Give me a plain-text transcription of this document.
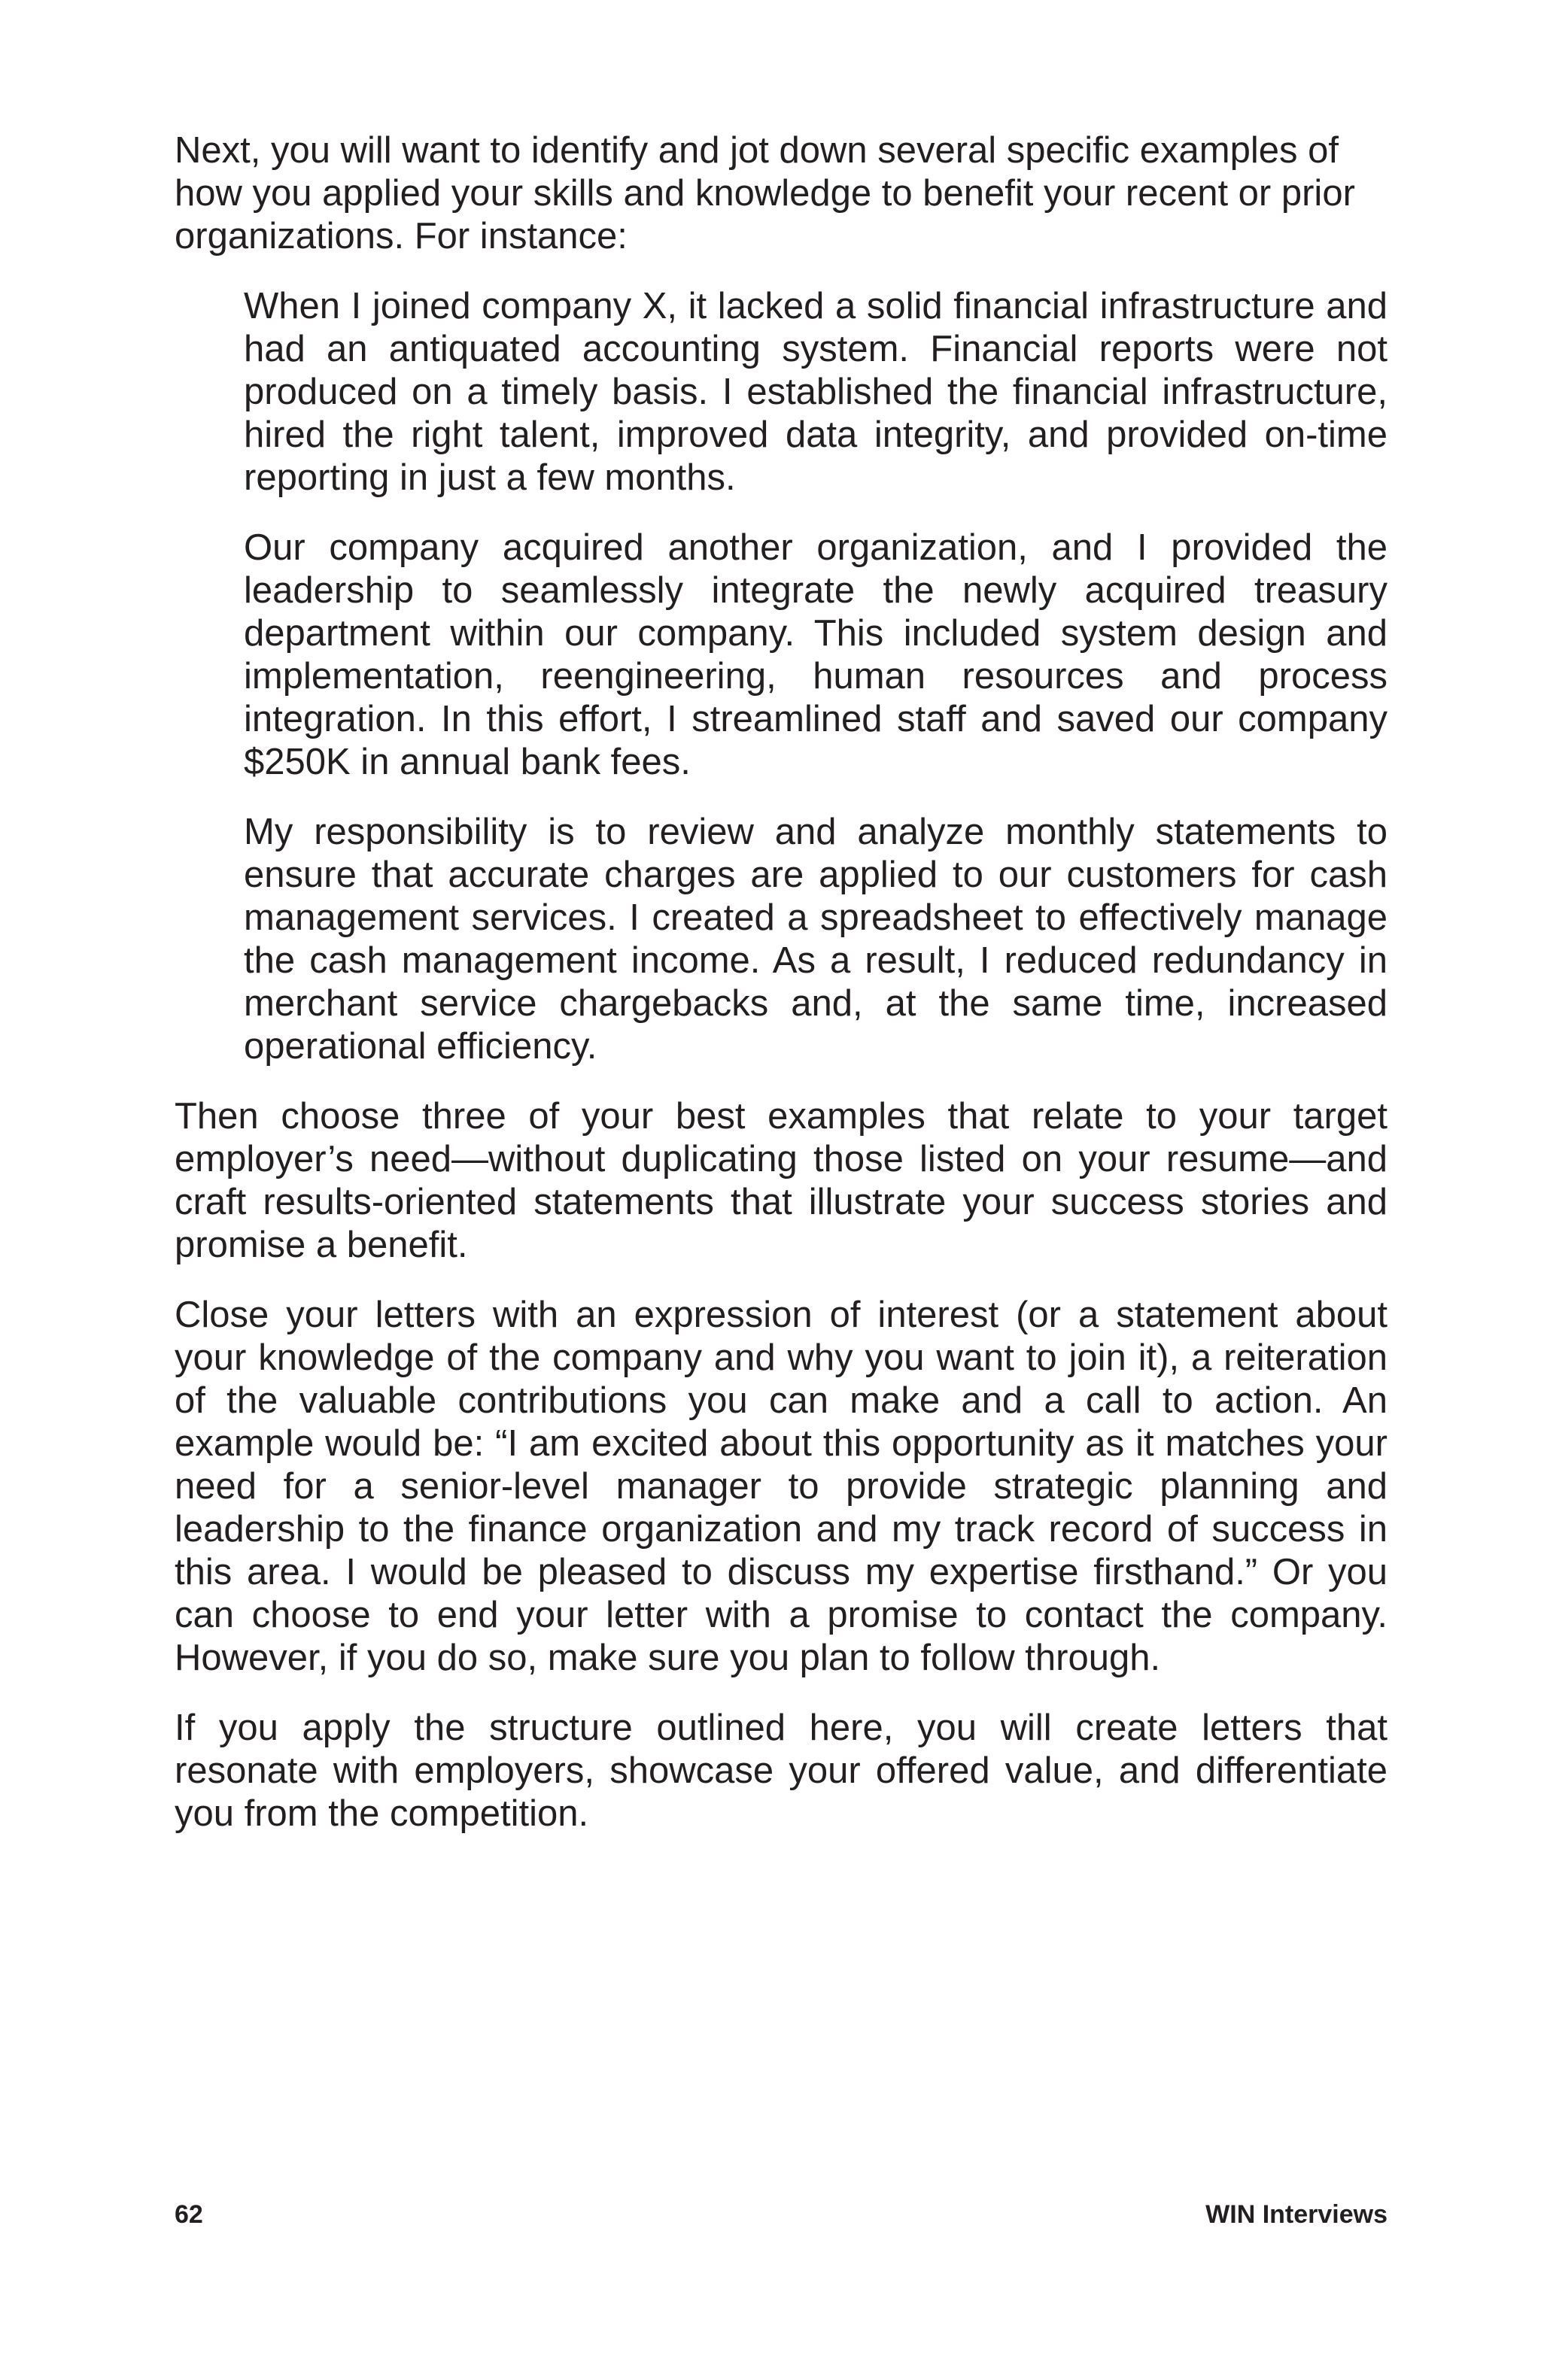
Next, you will want to identify and jot down several specific examples of how you applied your skills and knowledge to benefit your recent or prior organizations. For instance:

When I joined company X, it lacked a solid financial infrastructure and had an antiquated accounting system. Financial reports were not produced on a timely basis. I established the financial infrastructure, hired the right talent, improved data integrity, and provided on-time reporting in just a few months.

Our company acquired another organization, and I provided the leadership to seamlessly integrate the newly acquired treasury department within our company. This included system design and implementation, reengineering, human resources and process integration. In this effort, I streamlined staff and saved our company $250K in annual bank fees.

My responsibility is to review and analyze monthly statements to ensure that accurate charges are applied to our customers for cash management services. I created a spreadsheet to effectively manage the cash management income. As a result, I reduced redundancy in merchant service chargebacks and, at the same time, increased operational efficiency.

Then choose three of your best examples that relate to your target employer’s need—without duplicating those listed on your resume—and craft results-oriented statements that illustrate your success stories and promise a benefit.

Close your letters with an expression of interest (or a statement about your knowledge of the company and why you want to join it), a reiteration of the valuable contributions you can make and a call to action. An example would be: “I am excited about this opportunity as it matches your need for a senior-level manager to provide strategic planning and leadership to the finance organization and my track record of success in this area. I would be pleased to discuss my expertise firsthand.” Or you can choose to end your letter with a promise to contact the company. However, if you do so, make sure you plan to follow through.

If you apply the structure outlined here, you will create letters that resonate with employers, showcase your offered value, and differentiate you from the competition.

62	WIN Interviews
